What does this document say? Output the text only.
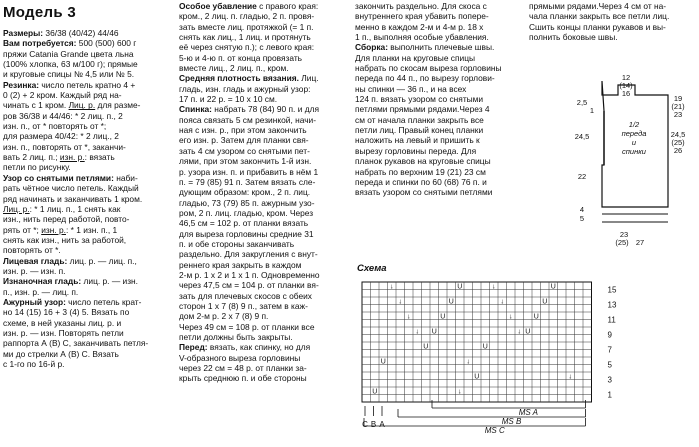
Модель 3
Размеры: 36/38 (40/42) 44/46
Вам потребуется: 500 (500) 600 г
пряжи Catania Grande цвета льна
(100% хлопка, 63 м/100 г); прямые
и круговые спицы № 4,5 или № 5.
Резинка: число петель кратно 4 +
0 (2) + 2 кром. Каждый ряд на-
чинать с 1 кром. Лиц. р. для разме-
ров 36/38 и 44/46: * 2 лиц. п., 2
изн. п., от * повторять от *;
для размера 40/42: * 2 лиц., 2
изн. п., повторять от *, заканчи-
вать 2 лиц. п.; изн. р.: вязать
петли по рисунку.
Узор со снятыми петлями: наби-
рать чётное число петель. Каждый
ряд начинать и заканчивать 1 кром.
Лиц. р.: * 1 лиц. п., 1 снять как
изн., нить перед работой, повто-
рять от *; изн. р.: * 1 изн. п., 1
снять как изн., нить за работой,
повторять от *.
Лицевая гладь: лиц. р. — лиц. п.,
изн. р. — изн. п.
Изнаночная гладь: лиц. р. — изн.
п., изн. р. — лиц. п.
Ажурный узор: число петель крат-
но 14 (15) 16 + 3 (4) 5. Вязать по
схеме, в ней указаны лиц. р. и
изн. р. — изн. Повторять петли
раппорта А (В) С, заканчивать петля-
ми до стрелки А (В) С. Вязать
с 1-го по 16-й р.
Особое убавление с правого края:
кром., 2 лиц. п. гладью, 2 п. провя-
зать вместе лиц. протяжкой (= 1 п.
снять как лиц., 1 лиц. и протянуть
её через снятую п.); с левого края:
5-ю и 4-ю п. от конца провязать
вместе лиц., 2 лиц. п., кром.
Средняя плотность вязания. Лиц.
гладь, изн. гладь и ажурный узор:
17 п. и 22 р. = 10 х 10 см.
Спинка: набрать 78 (84) 90 п. и для
пояса связать 5 см резинкой, начи-
ная с изн. р., при этом закончить
его изн. р. Затем для планки свя-
зать 4 см узором со снятыми пет-
лями, при этом закончить 1-й изн.
р. узора изн. п. и прибавить в нём 1
п. = 79 (85) 91 п. Затем вязать сле-
дующим образом: кром., 2 п. лиц.
гладью, 73 (79) 85 п. ажурным узо-
ром, 2 п. лиц. гладью, кром. Через
46,5 см = 102 р. от планки вязать
для выреза горловины средние 31
п. и обе стороны заканчивать
раздельно. Для закругления с внут-
реннего края закрыть в каждом
2-м р. 1 х 2 и 1 х 1 п. Одновременно
через 47,5 см = 104 р. от планки вя-
зать для плечевых скосов с обеих
сторон 1 х 7 (8) 9 п., затем в каж-
дом 2-м р. 2 х 7 (8) 9 п.
Через 49 см = 108 р. от планки все
петли должны быть закрыты.
Перед: вязать, как спинку, но для
V-образного выреза горловины
через 22 см = 48 р. от планки за-
крыть среднюю п. и обе стороны
закончить раздельно. Для скоса с
внутреннего края убавить попере-
менно в каждом 2-м и 4-м р. 18 х
1 п., выполняя особые убавления.
Сборка: выполнить плечевые швы.
Для планки на круговые спицы
набрать по скосам выреза горловины
переда по 44 п., по вырезу горлови-
ны спинки — 36 п., и на всех
124 п. вязать узором со снятыми
петлями прямыми рядами.Через 4
см от начала планки закрыть все
петли лиц. Правый конец планки
наложить на левый и пришить к
вырезу горловины переда. Для
планок рукавов на круговые спицы
набрать по верхним 19 (21) 23 см
переда и спинки по 60 (68) 76 п. и
вязать узором со снятыми петлями
прямыми рядами.Через 4 см от на-
чала планки закрыть все петли лиц.
Сшить концы планки рукавов и вы-
полнить боковые швы.
Схема
↓	U	↓	U
↓	U	↓	U
↓	U	↓	U
↓ U	↓ U
U	U
↓
U
U	↓
↓
U
15
13
11
9
7
5
3
1
MS A
MS B
MS C
C B A
12
(14)
16
2,5
1
24,5
22
4
5
19
(21)
23
24,5
(25)
26
23
(25) 27
1/2
переда
и
спинки
